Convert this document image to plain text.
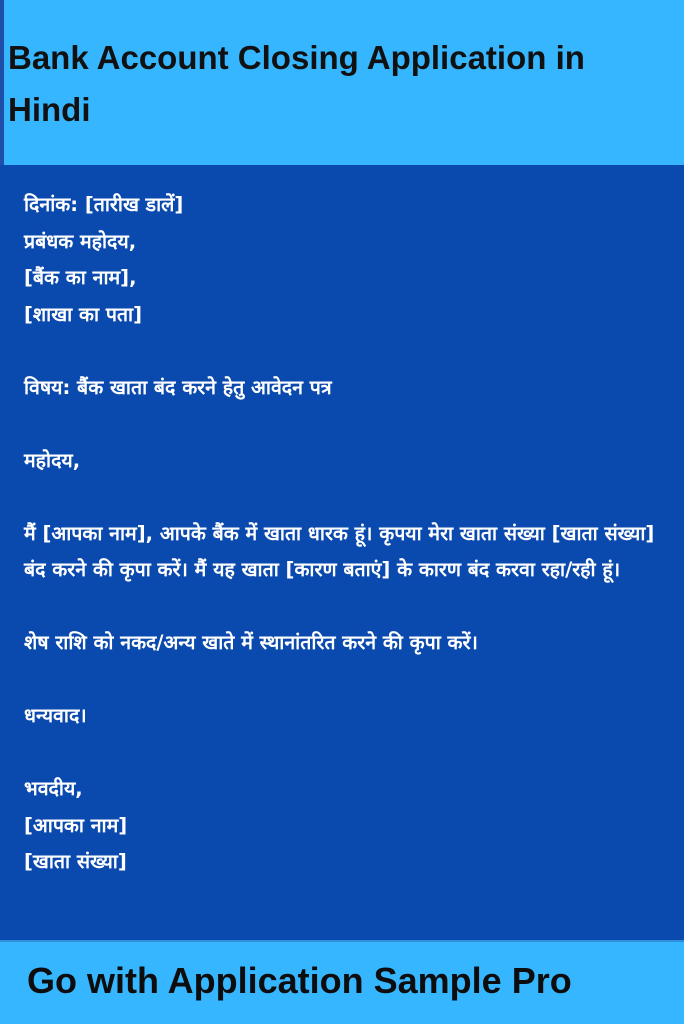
Bank Account Closing Application in Hindi
दिनांक: [तारीख डालें]
प्रबंधक महोदय,
[बैंक का नाम],
[शाखा का पता]
विषय: बैंक खाता बंद करने हेतु आवेदन पत्र
महोदय,
मैं [आपका नाम], आपके बैंक में खाता धारक हूं। कृपया मेरा खाता संख्या [खाता संख्या] बंद करने की कृपा करें। मैं यह खाता [कारण बताएं] के कारण बंद करवा रहा/रही हूं।
शेष राशि को नकद/अन्य खाते में स्थानांतरित करने की कृपा करें।
धन्यवाद।
भवदीय,
[आपका नाम]
[खाता संख्या]

Go with Application Sample Pro
